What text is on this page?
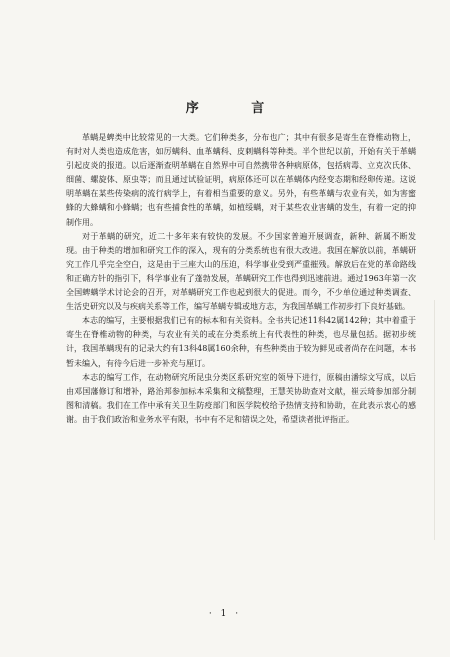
序 言

革螨是蜱类中比较常见的一大类。它们种类多，分布也广；其中有很多是寄生在脊椎动物上，有时对人类也造成危害，如厉螨科、血革螨科、皮刺螨科等种类。半个世纪以前，开始有关于革螨引起皮炎的报道。以后逐渐查明革螨在自然界中可自然携带各种病原体，包括病毒、立克次氏体、细菌、螺旋体、原虫等；而且通过试验证明，病原体还可以在革螨体内经变态期和经卵传递。这说明革螨在某些传染病的流行病学上，有着相当重要的意义。另外，有些革螨与农业有关，如为害蜜蜂的大蜂螨和小蜂螨；也有些捕食性的革螨，如植绥螨，对于某些农业害螨的发生，有着一定的抑制作用。

对于革螨的研究，近二十多年来有较快的发展。不少国家普遍开展调查，新种、新属不断发现。由于种类的增加和研究工作的深入，现有的分类系统也有很大改进。我国在解放以前，革螨研究工作几乎完全空白，这是由于三座大山的压迫，科学事业受到严重摧残。解放后在党的革命路线和正确方针的指引下，科学事业有了蓬勃发展，革螨研究工作也得到迅速前进。通过1963年第一次全国蜱螨学术讨论会的召开，对革螨研究工作也起到很大的促进。而今，不少单位通过种类调查、生活史研究以及与疾病关系等工作，编写革螨专辑或地方志，为我国革螨工作初步打下良好基础。

本志的编写，主要根据我们已有的标本和有关资料。全书共记述11科42属142种；其中着重于寄生在脊椎动物的种类，与农业有关的或在分类系统上有代表性的种类，也尽量包括。据初步统计，我国革螨现有的记录大约有13科48属160余种，有些种类由于较为鲜见或者尚存在问题，本书暂未编入，有待今后进一步补充与厘订。

本志的编写工作，在动物研究所昆虫分类区系研究室的领导下进行，原稿由潘综文写成，以后由邓国藩修订和增补，路治邦参加标本采集和文稿整理，王慧芙协助查对文献，崔云琦参加部分制图和清稿。我们在工作中承有关卫生防疫部门和医学院校给予热情支持和协助，在此表示衷心的感谢。由于我们政治和业务水平有限，书中有不足和错误之处，希望读者批评指正。

· 1 ·
